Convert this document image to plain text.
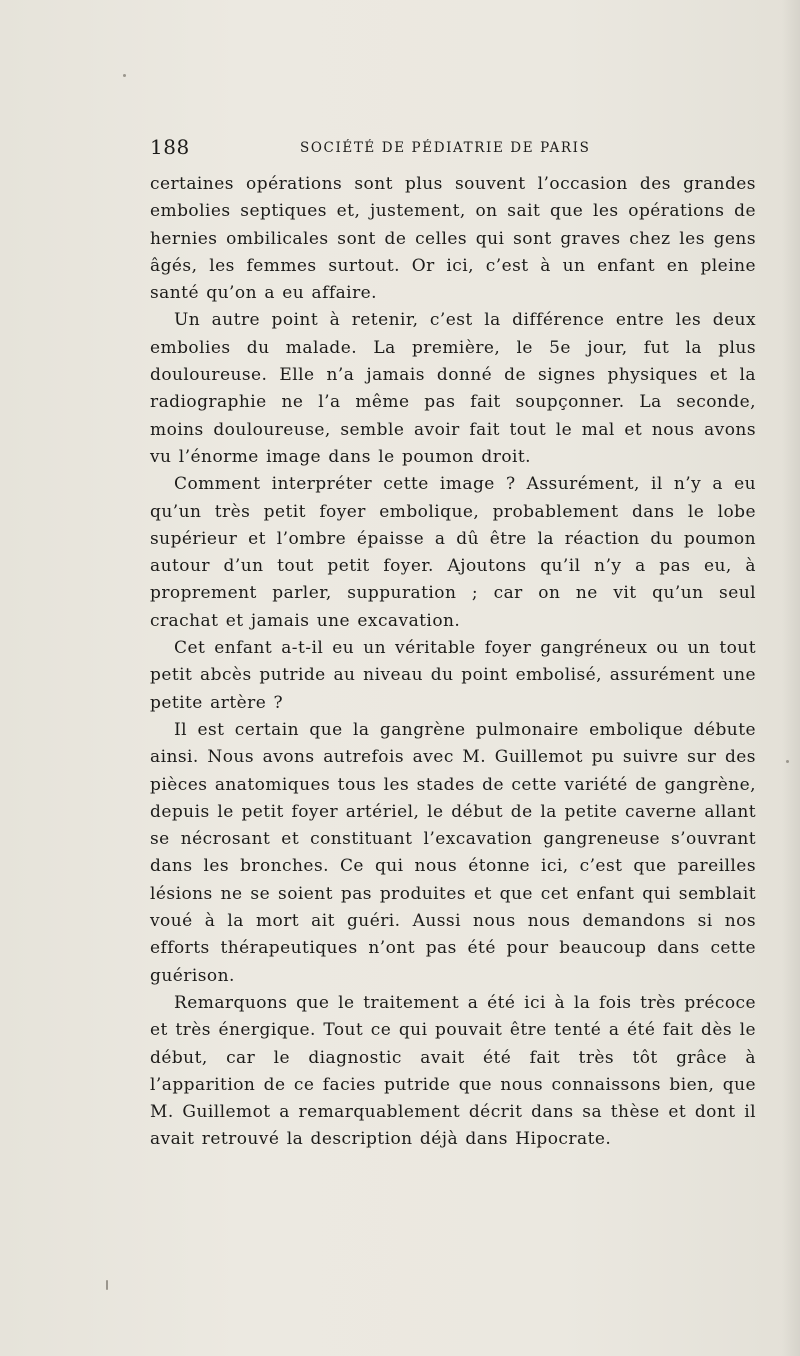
188	SOCIÉTÉ DE PÉDIATRIE DE PARIS

certaines opérations sont plus souvent l’occasion des grandes embolies septiques et, justement, on sait que les opérations de hernies ombilicales sont de celles qui sont graves chez les gens âgés, les femmes surtout. Or ici, c’est à un enfant en pleine santé qu’on a eu affaire.

Un autre point à retenir, c’est la différence entre les deux embolies du malade. La première, le 5e jour, fut la plus douloureuse. Elle n’a jamais donné de signes physiques et la radiographie ne l’a même pas fait soupçonner. La seconde, moins douloureuse, semble avoir fait tout le mal et nous avons vu l’énorme image dans le poumon droit.

Comment interpréter cette image ? Assurément, il n’y a eu qu’un très petit foyer embolique, probablement dans le lobe supérieur et l’ombre épaisse a dû être la réaction du poumon autour d’un tout petit foyer. Ajoutons qu’il n’y a pas eu, à proprement parler, suppuration ; car on ne vit qu’un seul crachat et jamais une excavation.

Cet enfant a-t-il eu un véritable foyer gangréneux ou un tout petit abcès putride au niveau du point embolisé, assurément une petite artère ?

Il est certain que la gangrène pulmonaire embolique débute ainsi. Nous avons autrefois avec M. Guillemot pu suivre sur des pièces anatomiques tous les stades de cette variété de gangrène, depuis le petit foyer artériel, le début de la petite caverne allant se nécrosant et constituant l’excavation gangreneuse s’ouvrant dans les bronches. Ce qui nous étonne ici, c’est que pareilles lésions ne se soient pas produites et que cet enfant qui semblait voué à la mort ait guéri. Aussi nous nous demandons si nos efforts thérapeutiques n’ont pas été pour beaucoup dans cette guérison.

Remarquons que le traitement a été ici à la fois très précoce et très énergique. Tout ce qui pouvait être tenté a été fait dès le début, car le diagnostic avait été fait très tôt grâce à l’apparition de ce facies putride que nous connaissons bien, que M. Guillemot a remarquablement décrit dans sa thèse et dont il avait retrouvé la description déjà dans Hipocrate.
